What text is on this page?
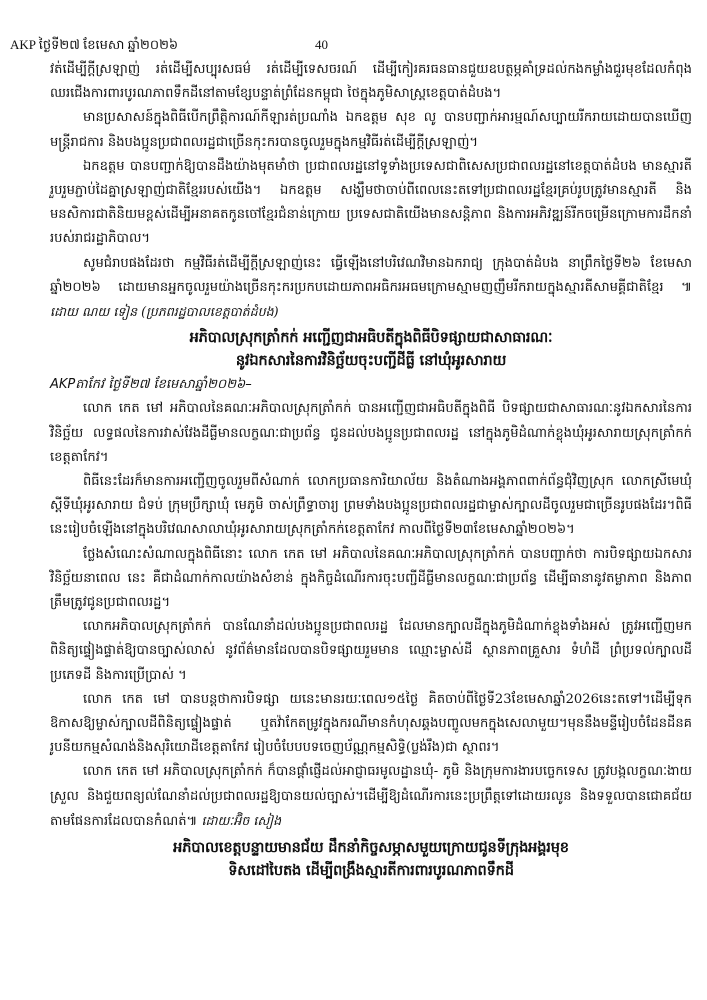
AKP ថ្ងៃទី២៧ ខែមេសា ឆ្នាំ២០២៦	40

វត់ដើម្បីក្តីស្រឡាញ់ រត់ដើម្បីសប្បុរសធម៌ រត់ដើម្បីទេសចរណ៍ ដើម្បីកៀរគរធនធានជួយឧបត្ថម្ភគាំទ្រដល់កងកម្លាំងជួរមុខដែលកំពុងឈរជើងការពារបូរណភាពទឹកដីនៅតាមខ្សែបន្ទាត់ព្រំដែនកម្ពុជា ថៃក្នុងភូមិសាស្ត្រខេត្តបាត់ដំបង។

មានប្រសាសន៍ក្នុងពិធីបើកព្រឹត្តិការណ៍កីឡារត់ប្រណាំង ឯកឧត្តម សុខ លូ បានបញ្ជាក់អារម្មណ៍សប្បាយរីករាយដោយបានឃើញមន្ត្រីរាជការ និងបងប្អូនប្រជាពលរដ្ឋជាច្រើនកុះករបានចូលរួមក្នុងកម្មវិធីរត់ដើម្បីក្តីស្រឡាញ់។

ឯកឧត្តម បានបញ្ជាក់ឱ្យបានដឹងយ៉ាងមុតមាំថា ប្រជាពលរដ្ឋនៅទូទាំងប្រទេសជាពិសេសប្រជាពលរដ្ឋនៅខេត្តបាត់ដំបង មានស្មារតីរួបរួមភ្ជាប់ដៃគ្នាស្រឡាញ់ជាតិខ្មែររបស់យើង។ ឯកឧត្តម សង្ឃឹមថាចាប់ពីពេលនេះតទៅប្រជាពលរដ្ឋខ្មែរគ្រប់រូបត្រូវមានស្មារតី និងមនសិការជាតិនិយមខ្ពស់ដើម្បីអនាគតកូនចៅខ្មែរជំនាន់ក្រោយ ប្រទេសជាតិយើងមានសន្តិភាព និងការអភិវឌ្ឍន៍រីកចម្រើនក្រោមការដឹកនាំរបស់រាជរដ្ឋាភិបាល។

សូមជំរាបផងដែរថា កម្មវិធីរត់ដើម្បីក្តីស្រឡាញ់នេះ ធ្វើឡើងនៅបរិវេណវិមានឯករាជ្យ ក្រុងបាត់ដំបង នាព្រឹកថ្ងៃទី២៦ ខែមេសា ឆ្នាំ២០២៦ ដោយមានអ្នកចូលរួមយ៉ាងច្រើនកុះករប្រកបដោយភាពអធិករអធមក្រោមស្មាមញញឹមរីករាយក្នុងស្មារតីសាមគ្គីជាតិខ្មែរ ៕ ដោយ ណយ ទៀន (ប្រភពរដ្ឋបាលខេត្តបាត់ដំបង)

អភិបាលស្រុកត្រាំកក់ អញ្ជើញជាអធិបតីក្នុងពិធីបិទផ្សាយជាសាធារណៈ
នូវឯកសារនៃការវិនិច្ឆ័យចុះបញ្ជីដីធ្លី នៅឃុំអូរសារាយ

AKPតាកែវ ថ្ងៃទី២៧ ខែមេសាឆ្នាំ២០២៦–

លោក កេត មៅ អភិបាលនៃគណៈអភិបាលស្រុកត្រាំកក់ បានអញ្ជើញជាអធិបតីក្នុងពិធី បិទផ្សាយជាសាធារណៈនូវឯកសារនៃការវិនិច្ឆ័យ លទ្ធផលនៃការវាស់វែងដីធ្លីមានលក្ខណៈជាប្រព័ន្ធ ជូនដល់បងប្អូនប្រជាពលរដ្ឋ នៅក្នុងភូមិដំណាក់ខ្លុងឃុំអូរសារាយស្រុកត្រាំកក់ខេត្តតាកែវ។

ពិធីនេះដែរក៏មានការអញ្ជើញចូលរួមពីសំណាក់ លោកប្រធានការិយាល័យ និងតំណាងអង្គភាពពាក់ព័ន្ធជុំវិញស្រុក លោកស្រីមេឃុំស្តីទីឃុំអូរសារាយ ជំទប់ ក្រុមប្រឹក្សាឃុំ មេភូមិ ចាស់ព្រឹទ្ធាចារ្យ ព្រមទាំងបងប្អូនប្រជាពលរដ្ឋជាម្ចាស់ក្បាលដីចូលរួមជាច្រើនរូបផងដែរ។ពិធីនេះរៀបចំឡើងនៅក្នុងបរិវេណសាលាឃុំអូរសារាយស្រុកត្រាំកក់ខេត្តតាកែវ កាលពីថ្ងៃទី២៣ខែមេសាឆ្នាំ២០២៦។

ថ្លែងសំណេះសំណាលក្នុងពិធីនោះ លោក កេត មៅ អភិបាលនៃគណៈអភិបាលស្រុកត្រាំកក់ បានបញ្ជាក់ថា ការបិទផ្សាយឯកសារវិនិច្ឆ័យនាពេល នេះ គឺជាដំណាក់កាលយ៉ាងសំខាន់ ក្នុងកិច្ចដំណើរការចុះបញ្ជីដីធ្លីមានលក្ខណៈជាប្រព័ន្ធ ដើម្បីធានានូវតម្លាភាព និងភាពត្រឹមត្រូវជូនប្រជាពលរដ្ឋ។

លោកអភិបាលស្រុកត្រាំកក់ បានណែនាំដល់បងប្អូនប្រជាពលរដ្ឋ ដែលមានក្បាលដីក្នុងភូមិដំណាក់ខ្លុងទាំងអស់ ត្រូវអញ្ជើញមកពិនិត្យផ្ទៀងផ្ទាត់ឱ្យបានច្បាស់លាស់ នូវព័ត៌មានដែលបានបិទផ្សាយរួមមាន ឈ្មោះម្ចាស់ដី ស្ថានភាពគ្រួសារ ទំហំដី ព្រំប្រទល់ក្បាលដី ប្រភេទដី និងការប្រើប្រាស់ ។

លោក កេត មៅ បានបន្តថាការបិទផ្សា យនេះមានរយៈពេល១៥ថ្ងៃ គិតចាប់ពីថ្ងៃទី23ខែមេសាឆ្នាំ2026នេះតទៅ។ដើម្បីទុកឱកាសឱ្យម្ចាស់ក្បាលដីពិនិត្យផ្ទៀងផ្ទាត់ ឬតវ៉ាកែតម្រូវក្នុងករណីមានកំហុសឆ្គងបញ្ចូលមកក្នុងសេលាមួយ។មុននឹងមន្ទីរៀបចំដែនដីនគរូបនីយកម្មសំណង់និងសុរិយោដីខេត្តតាកែវ រៀបចំបែបបទចេញប័ណ្ណកម្មសិទ្ធិ(ប្លង់រឹង)ជា ស្ថាពរ។

លោក កេត មៅ អភិបាលស្រុកត្រាំកក់ ក៏បានផ្តាំផ្ញើដល់អាជ្ញាធរមូលដ្ឋានឃុំ- ភូមិ និងក្រុមការងារបច្ចេកទេស ត្រូវបង្កលក្ខណៈងាយស្រួល និងជួយពន្យល់ណែនាំដល់ប្រជាពលរដ្ឋឱ្យបានយល់ច្បាស់។ដើម្បីឱ្យដំណើរការនេះប្រព្រឹត្តទៅដោយរលូន និងទទួលបានជោគជ័យតាមផែនការដែលបានកំណត់៕ ដោយៈអ៊ិច សៀង

អភិបាលខេត្តបន្ទាយមានជ័យ ដឹកនាំកិច្ចសម្ភាសមួយក្រោយជូនទីក្រុងអង្គរមុខ
ទិសដៅបៃតង ដើម្បីពង្រឹងស្មារតីការពារបូរណភាពទឹកដី
